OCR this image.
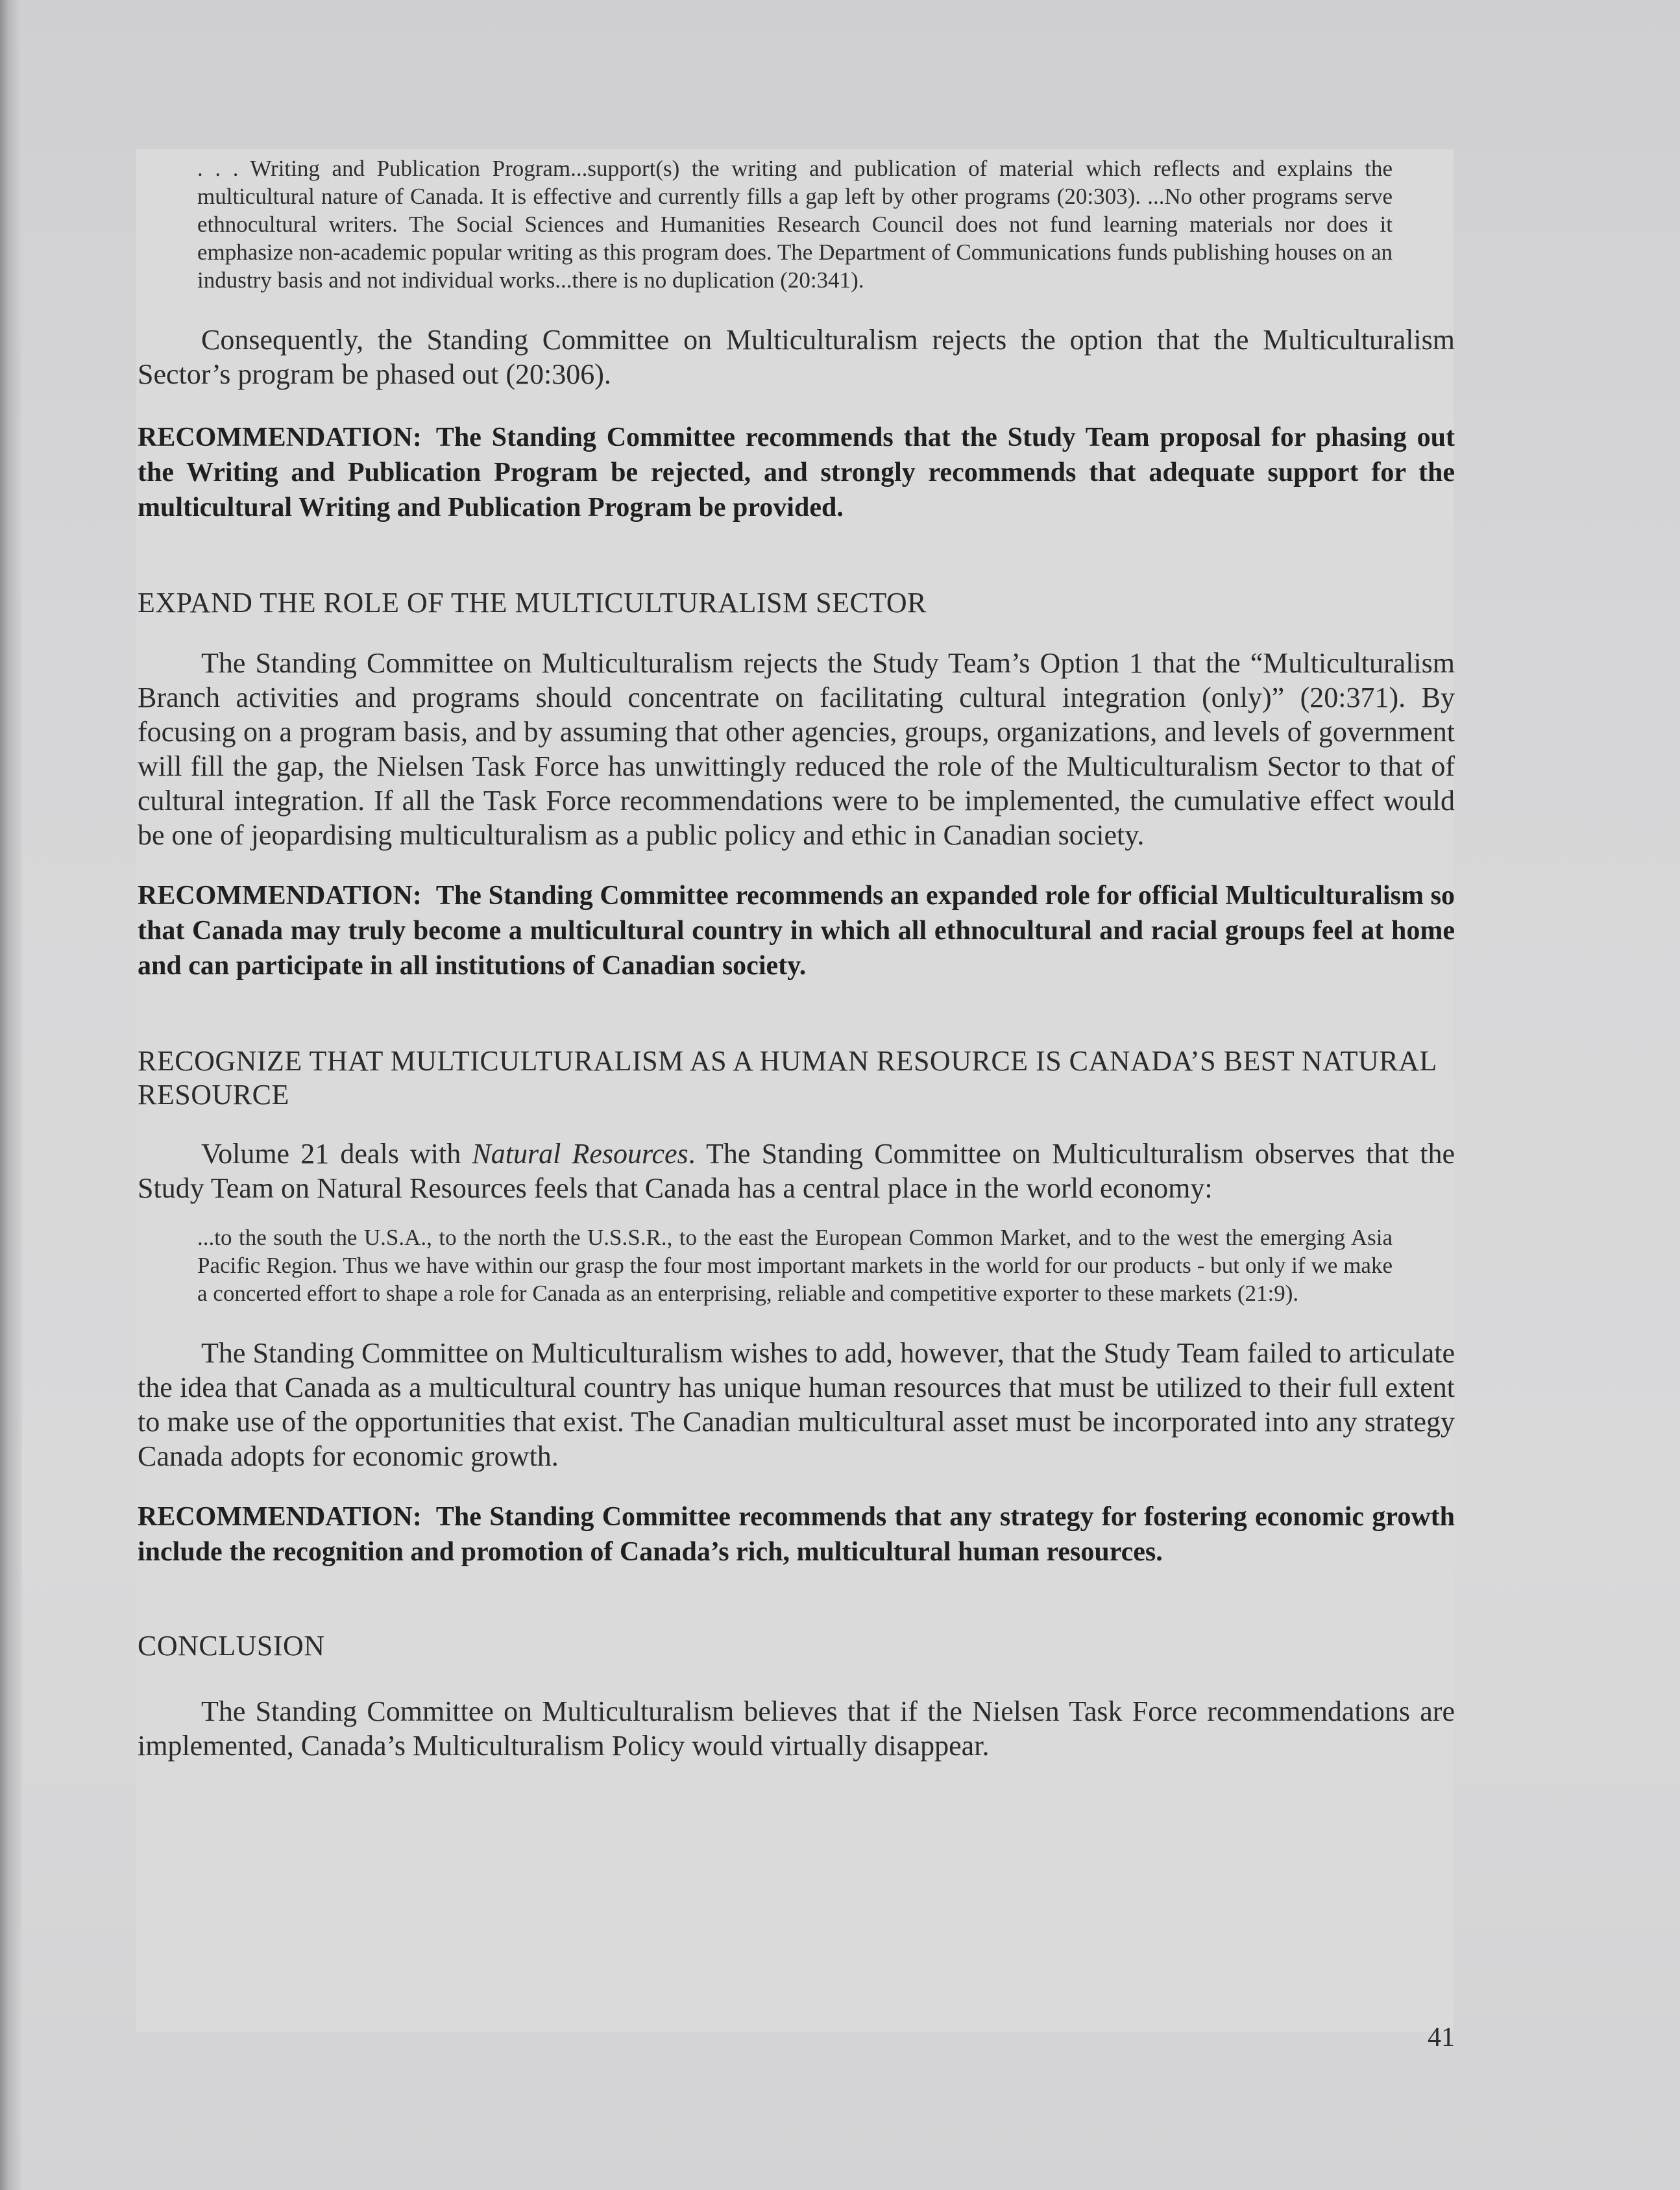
. . . Writing and Publication Program...support(s) the writing and publication of material which reflects and explains the multicultural nature of Canada. It is effective and currently fills a gap left by other programs (20:303). ...No other programs serve ethnocultural writers. The Social Sciences and Humanities Research Council does not fund learning materials nor does it emphasize non-academic popular writing as this program does. The Department of Communications funds publishing houses on an industry basis and not individual works...there is no duplication (20:341).

Consequently, the Standing Committee on Multiculturalism rejects the option that the Multiculturalism Sector’s program be phased out (20:306).

RECOMMENDATION: The Standing Committee recommends that the Study Team proposal for phasing out the Writing and Publication Program be rejected, and strongly recommends that adequate support for the multicultural Writing and Publication Program be provided.

EXPAND THE ROLE OF THE MULTICULTURALISM SECTOR

The Standing Committee on Multiculturalism rejects the Study Team’s Option 1 that the “Multiculturalism Branch activities and programs should concentrate on facilitating cultural integration (only)” (20:371). By focusing on a program basis, and by assuming that other agencies, groups, organizations, and levels of government will fill the gap, the Nielsen Task Force has unwittingly reduced the role of the Multiculturalism Sector to that of cultural integration. If all the Task Force recommendations were to be implemented, the cumulative effect would be one of jeopardising multiculturalism as a public policy and ethic in Canadian society.

RECOMMENDATION: The Standing Committee recommends an expanded role for official Multiculturalism so that Canada may truly become a multicultural country in which all ethnocultural and racial groups feel at home and can participate in all institutions of Canadian society.

RECOGNIZE THAT MULTICULTURALISM AS A HUMAN RESOURCE IS CANADA’S BEST NATURAL RESOURCE

Volume 21 deals with Natural Resources. The Standing Committee on Multiculturalism observes that the Study Team on Natural Resources feels that Canada has a central place in the world economy:

...to the south the U.S.A., to the north the U.S.S.R., to the east the European Common Market, and to the west the emerging Asia Pacific Region. Thus we have within our grasp the four most important markets in the world for our products - but only if we make a concerted effort to shape a role for Canada as an enterprising, reliable and competitive exporter to these markets (21:9).

The Standing Committee on Multiculturalism wishes to add, however, that the Study Team failed to articulate the idea that Canada as a multicultural country has unique human resources that must be utilized to their full extent to make use of the opportunities that exist. The Canadian multicultural asset must be incorporated into any strategy Canada adopts for economic growth.

RECOMMENDATION: The Standing Committee recommends that any strategy for fostering economic growth include the recognition and promotion of Canada’s rich, multicultural human resources.

CONCLUSION

The Standing Committee on Multiculturalism believes that if the Nielsen Task Force recommendations are implemented, Canada’s Multiculturalism Policy would virtually disappear.

41
